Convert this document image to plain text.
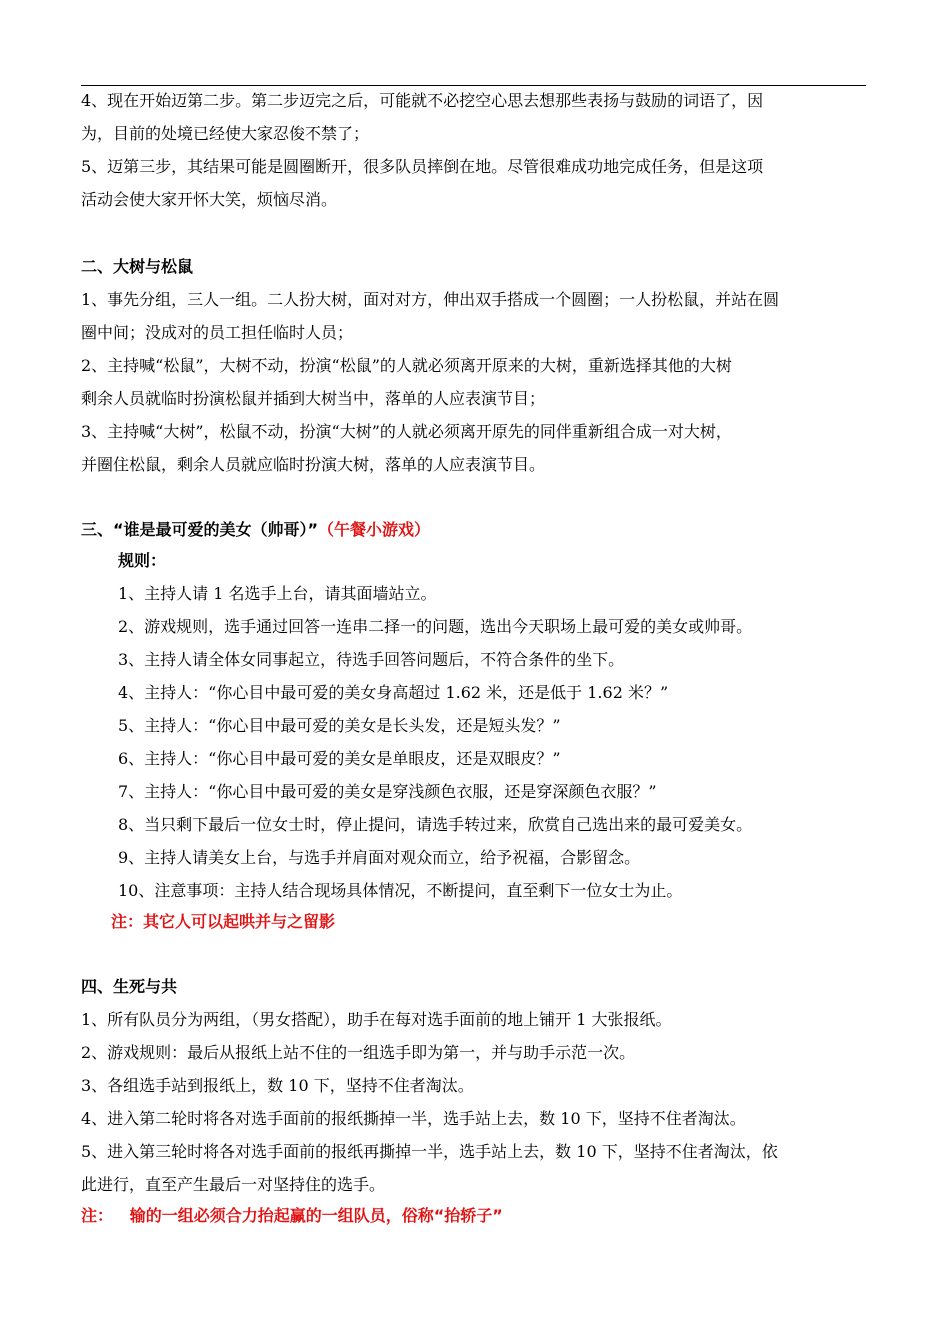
4、现在开始迈第二步。第二步迈完之后，可能就不必挖空心思去想那些表扬与鼓励的词语了，因
为，目前的处境已经使大家忍俊不禁了；
5、迈第三步，其结果可能是圆圈断开，很多队员摔倒在地。尽管很难成功地完成任务，但是这项
活动会使大家开怀大笑，烦恼尽消。
二、大树与松鼠
1、事先分组，三人一组。二人扮大树，面对对方，伸出双手搭成一个圆圈；一人扮松鼠，并站在圆
圈中间；没成对的员工担任临时人员；
2、主持喊“松鼠”，大树不动，扮演“松鼠”的人就必须离开原来的大树，重新选择其他的大树
剩余人员就临时扮演松鼠并插到大树当中，落单的人应表演节目；
3、主持喊“大树”，松鼠不动，扮演“大树”的人就必须离开原先的同伴重新组合成一对大树，
并圈住松鼠，剩余人员就应临时扮演大树，落单的人应表演节目。
三、“谁是最可爱的美女（帅哥）”（午餐小游戏）
规则：
1、主持人请 1 名选手上台，请其面墙站立。
2、游戏规则，选手通过回答一连串二择一的问题，选出今天职场上最可爱的美女或帅哥。
3、主持人请全体女同事起立，待选手回答问题后，不符合条件的坐下。
4、主持人：“你心目中最可爱的美女身高超过 1.62 米，还是低于 1.62 米？”
5、主持人：“你心目中最可爱的美女是长头发，还是短头发？”
6、主持人：“你心目中最可爱的美女是单眼皮，还是双眼皮？”
7、主持人：“你心目中最可爱的美女是穿浅颜色衣服，还是穿深颜色衣服？”
8、当只剩下最后一位女士时，停止提问，请选手转过来，欣赏自己选出来的最可爱美女。
9、主持人请美女上台，与选手并肩面对观众而立，给予祝福，合影留念。
10、注意事项：主持人结合现场具体情况，不断提问，直至剩下一位女士为止。
注：其它人可以起哄并与之留影
四、生死与共
1、所有队员分为两组，（男女搭配），助手在每对选手面前的地上铺开 1 大张报纸。
2、游戏规则：最后从报纸上站不住的一组选手即为第一，并与助手示范一次。
3、各组选手站到报纸上，数 10 下，坚持不住者淘汰。
4、进入第二轮时将各对选手面前的报纸撕掉一半，选手站上去，数 10 下，坚持不住者淘汰。
5、进入第三轮时将各对选手面前的报纸再撕掉一半，选手站上去，数 10 下，坚持不住者淘汰，依
此进行，直至产生最后一对坚持住的选手。
注：   输的一组必须合力抬起赢的一组队员，俗称“抬轿子”
